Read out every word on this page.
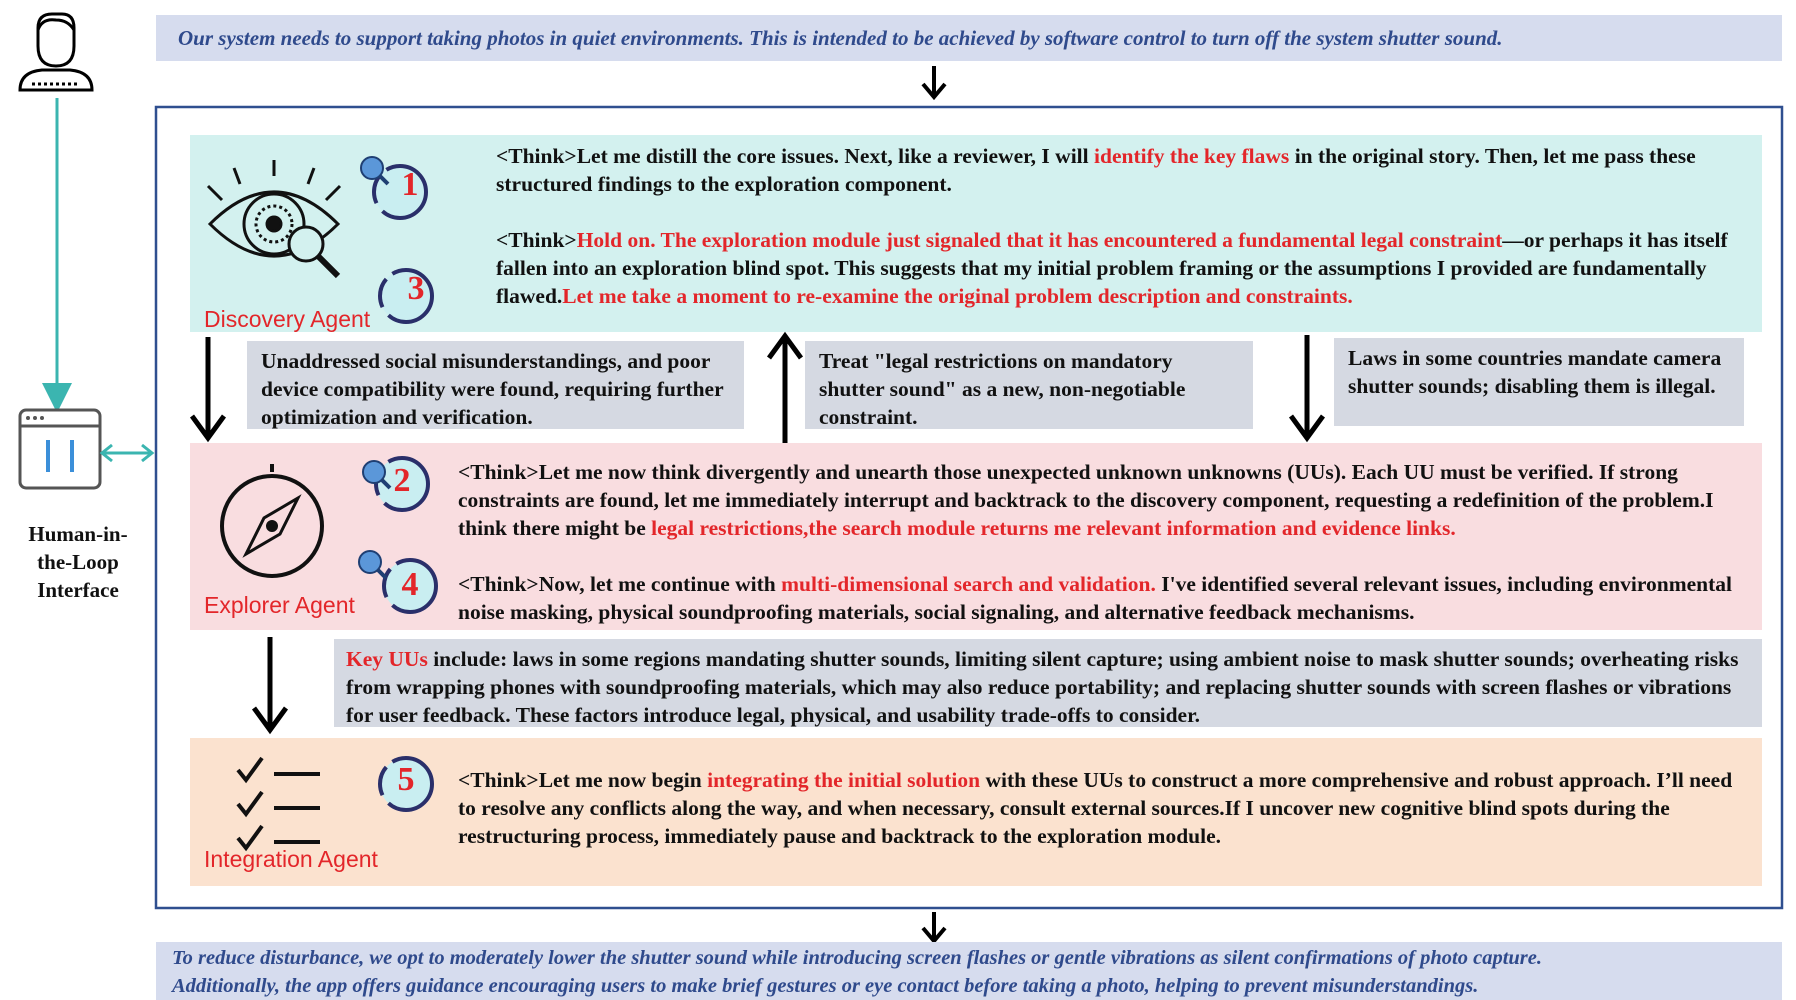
Our system needs to support taking photos in quiet environments. This is intended to be achieved by software control to turn off the system shutter sound.
Human-in-
the-Loop
Interface
1
3
Discovery Agent
<Think>Let me distill the core issues. Next, like a reviewer, I will identify the key flaws in the original story. Then, let me pass these structured findings to the exploration component.
<Think>Hold on. The exploration module just signaled that it has encountered a fundamental legal constraint—or perhaps it has itself fallen into an exploration blind spot. This suggests that my initial problem framing or the assumptions I provided are fundamentally flawed.Let me take a moment to re-examine the original problem description and constraints.
Unaddressed social misunderstandings, and poor device compatibility were found, requiring further optimization and verification.
Treat "legal restrictions on mandatory shutter sound" as a new, non-negotiable constraint.
Laws in some countries mandate camera shutter sounds; disabling them is illegal.
2
4
Explorer Agent
<Think>Let me now think divergently and unearth those unexpected unknown unknowns (UUs). Each UU must be verified. If strong constraints are found, let me immediately interrupt and backtrack to the discovery component, requesting a redefinition of the problem.I think there might be legal restrictions,the search module returns me relevant information and evidence links.
<Think>Now, let me continue with multi-dimensional search and validation. I've identified several relevant issues, including environmental noise masking, physical soundproofing materials, social signaling, and alternative feedback mechanisms.
Key UUs include: laws in some regions mandating shutter sounds, limiting silent capture; using ambient noise to mask shutter sounds; overheating risks from wrapping phones with soundproofing materials, which may also reduce portability; and replacing shutter sounds with screen flashes or vibrations for user feedback. These factors introduce legal, physical, and usability trade-offs to consider.
5
Integration Agent
<Think>Let me now begin integrating the initial solution with these UUs to construct a more comprehensive and robust approach. I’ll need to resolve any conflicts along the way, and when necessary, consult external sources.If I uncover new cognitive blind spots during the restructuring process, immediately pause and backtrack to the exploration module.
To reduce disturbance, we opt to moderately lower the shutter sound while introducing screen flashes or gentle vibrations as silent confirmations of photo capture.
Additionally, the app offers guidance encouraging users to make brief gestures or eye contact before taking a photo, helping to prevent misunderstandings.
